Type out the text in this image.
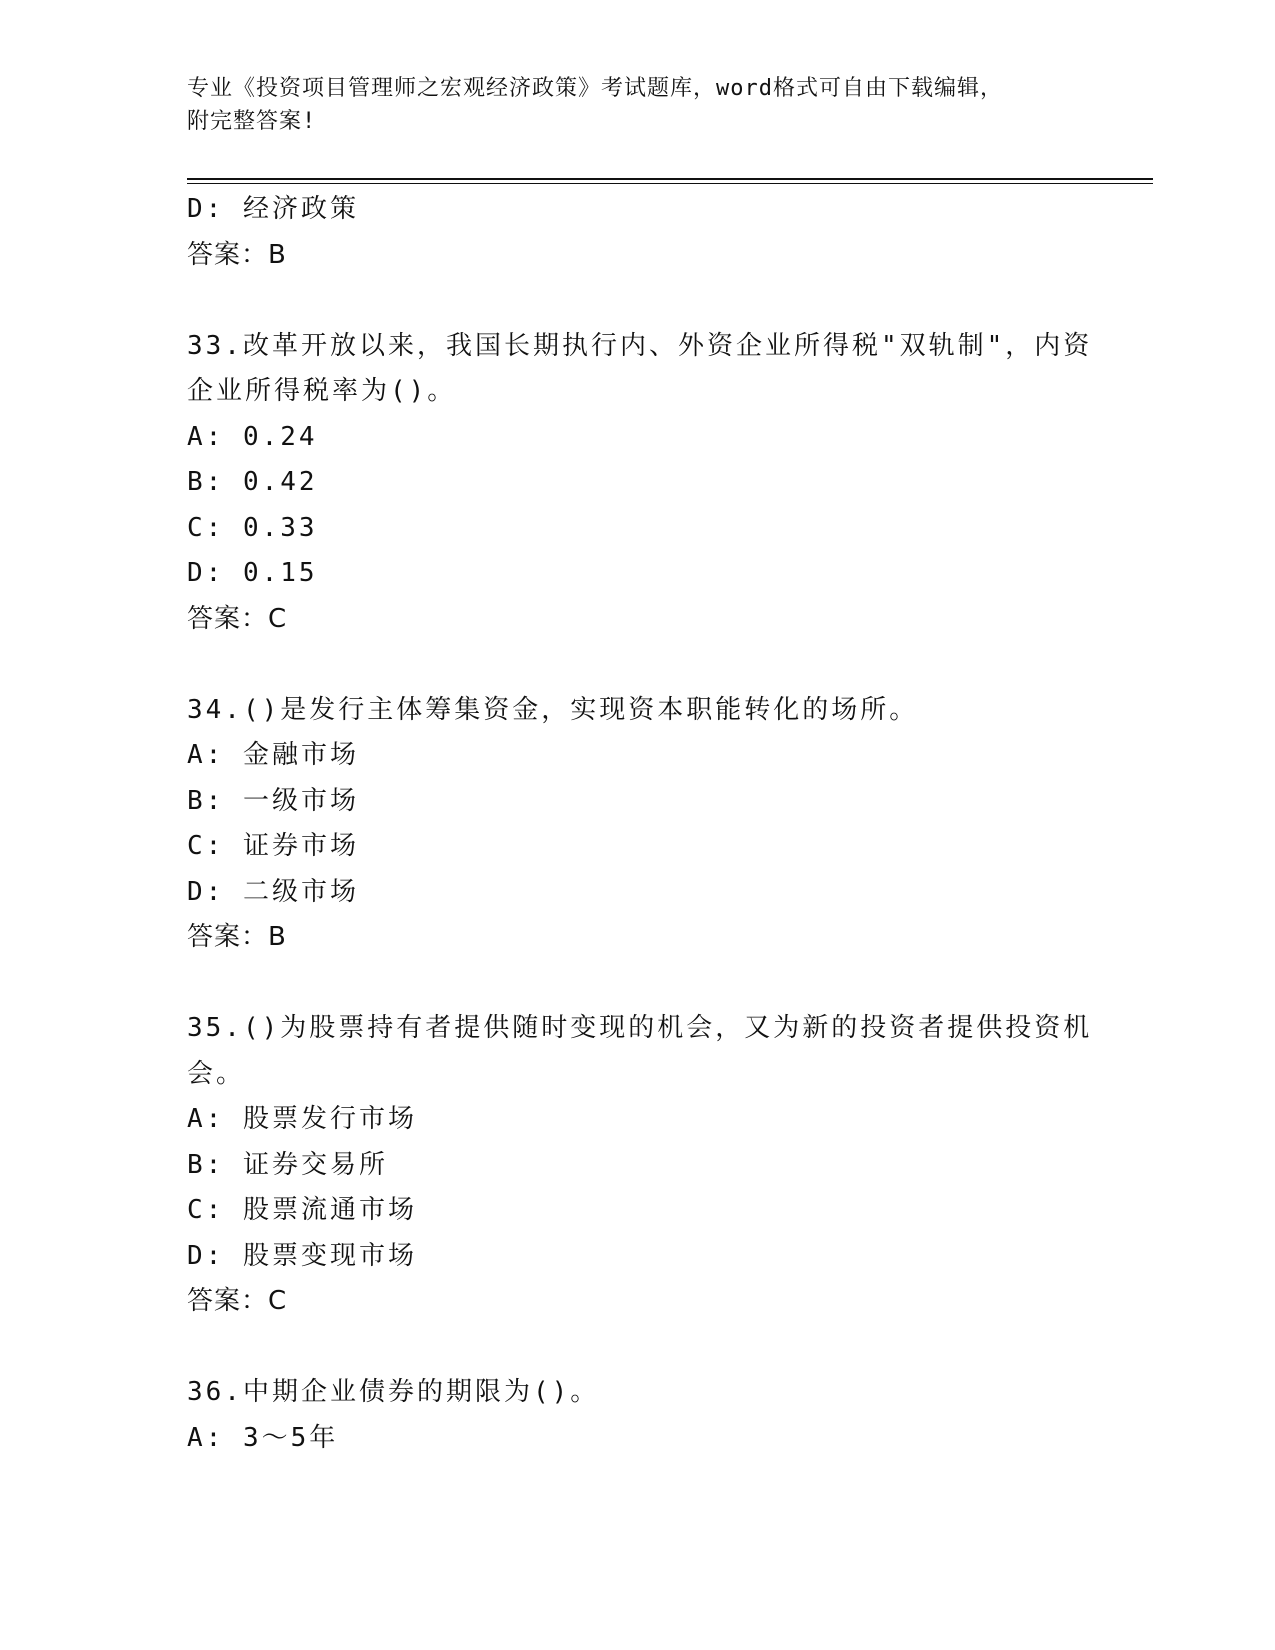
专业《投资项目管理师之宏观经济政策》考试题库，word格式可自由下载编辑，
附完整答案!
D: 经济政策
答案：B
33.改革开放以来，我国长期执行内、外资企业所得税"双轨制"，内资
企业所得税率为()。
A: 0.24
B: 0.42
C: 0.33
D: 0.15
答案：C
34.()是发行主体筹集资金，实现资本职能转化的场所。
A: 金融市场
B: 一级市场
C: 证券市场
D: 二级市场
答案：B
35.()为股票持有者提供随时变现的机会，又为新的投资者提供投资机
会。
A: 股票发行市场
B: 证券交易所
C: 股票流通市场
D: 股票变现市场
答案：C
36.中期企业债券的期限为()。
A: 3～5年
